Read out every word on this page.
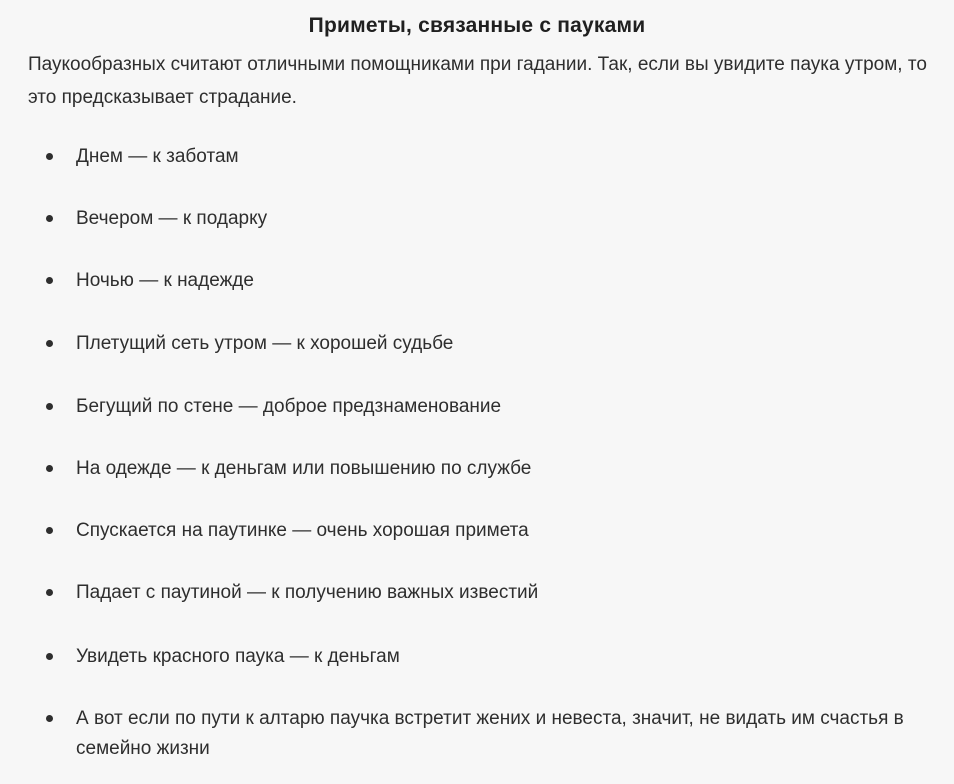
Приметы, связанные с пауками
Паукообразных считают отличными помощниками при гадании. Так, если вы увидите паука утром, то это предсказывает страдание.
Днем — к заботам
Вечером — к подарку
Ночью — к надежде
Плетущий сеть утром — к хорошей судьбе
Бегущий по стене — доброе предзнаменование
На одежде — к деньгам или повышению по службе
Спускается на паутинке — очень хорошая примета
Падает с паутиной — к получению важных известий
Увидеть красного паука — к деньгам
А вот если по пути к алтарю паучка встретит жених и невеста, значит, не видать им счастья в семейно жизни
